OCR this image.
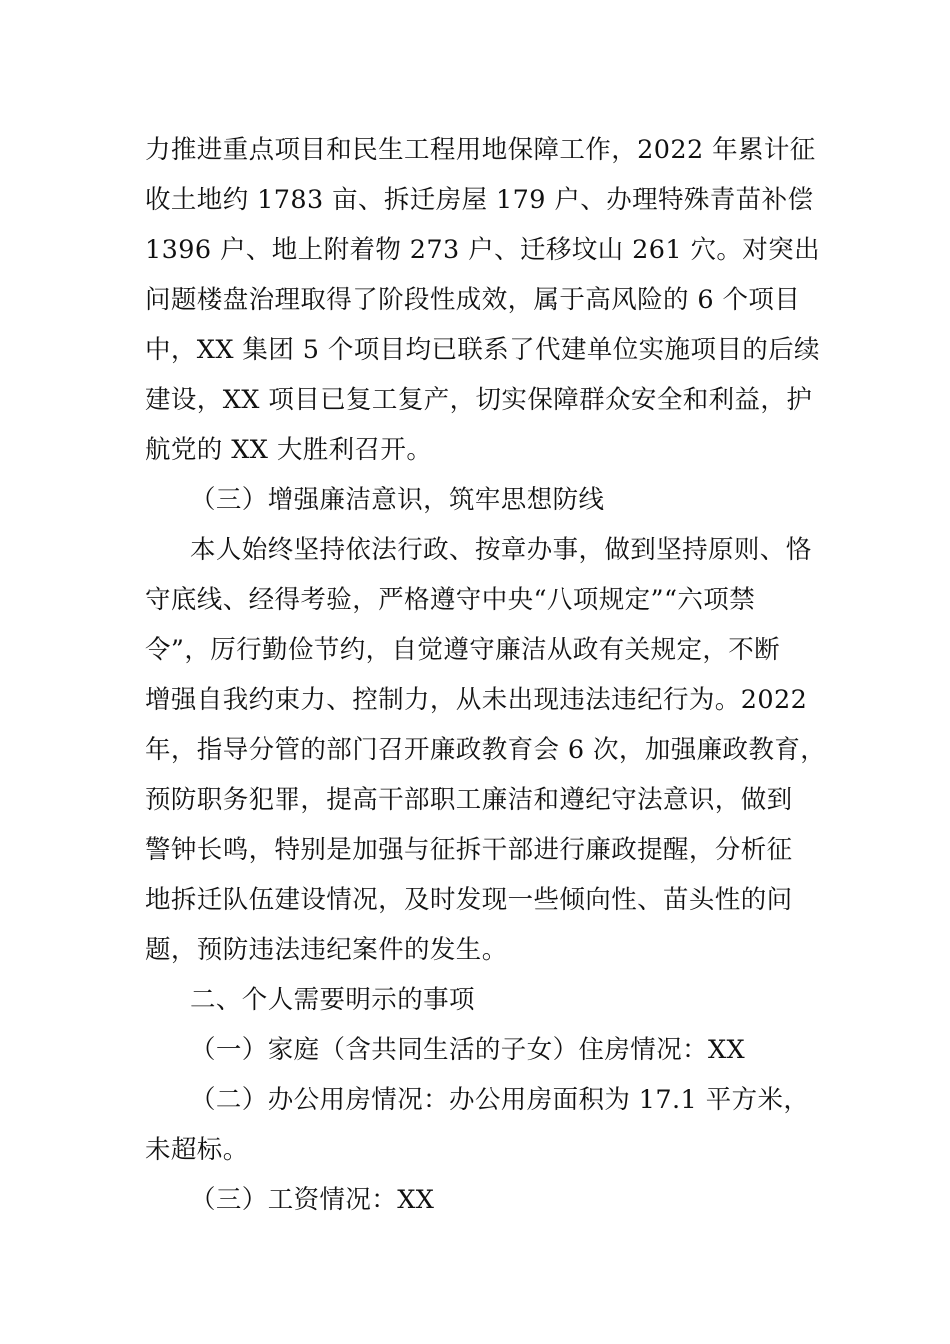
力推进重点项目和民生工程用地保障工作，2022 年累计征
收土地约 1783 亩、拆迁房屋 179 户、办理特殊青苗补偿
1396 户、地上附着物 273 户、迁移坟山 261 穴。对突出
问题楼盘治理取得了阶段性成效，属于高风险的 6 个项目
中，XX 集团 5 个项目均已联系了代建单位实施项目的后续
建设，XX 项目已复工复产，切实保障群众安全和利益，护
航党的 XX 大胜利召开。
（三）增强廉洁意识，筑牢思想防线
本人始终坚持依法行政、按章办事，做到坚持原则、恪
守底线、经得考验，严格遵守中央“八项规定”“六项禁
令”，厉行勤俭节约，自觉遵守廉洁从政有关规定，不断
增强自我约束力、控制力，从未出现违法违纪行为。2022
年，指导分管的部门召开廉政教育会 6 次，加强廉政教育，
预防职务犯罪，提高干部职工廉洁和遵纪守法意识，做到
警钟长鸣，特别是加强与征拆干部进行廉政提醒，分析征
地拆迁队伍建设情况，及时发现一些倾向性、苗头性的问
题，预防违法违纪案件的发生。
二、个人需要明示的事项
（一）家庭（含共同生活的子女）住房情况：XX
（二）办公用房情况：办公用房面积为 17.1 平方米，
未超标。
（三）工资情况：XX
